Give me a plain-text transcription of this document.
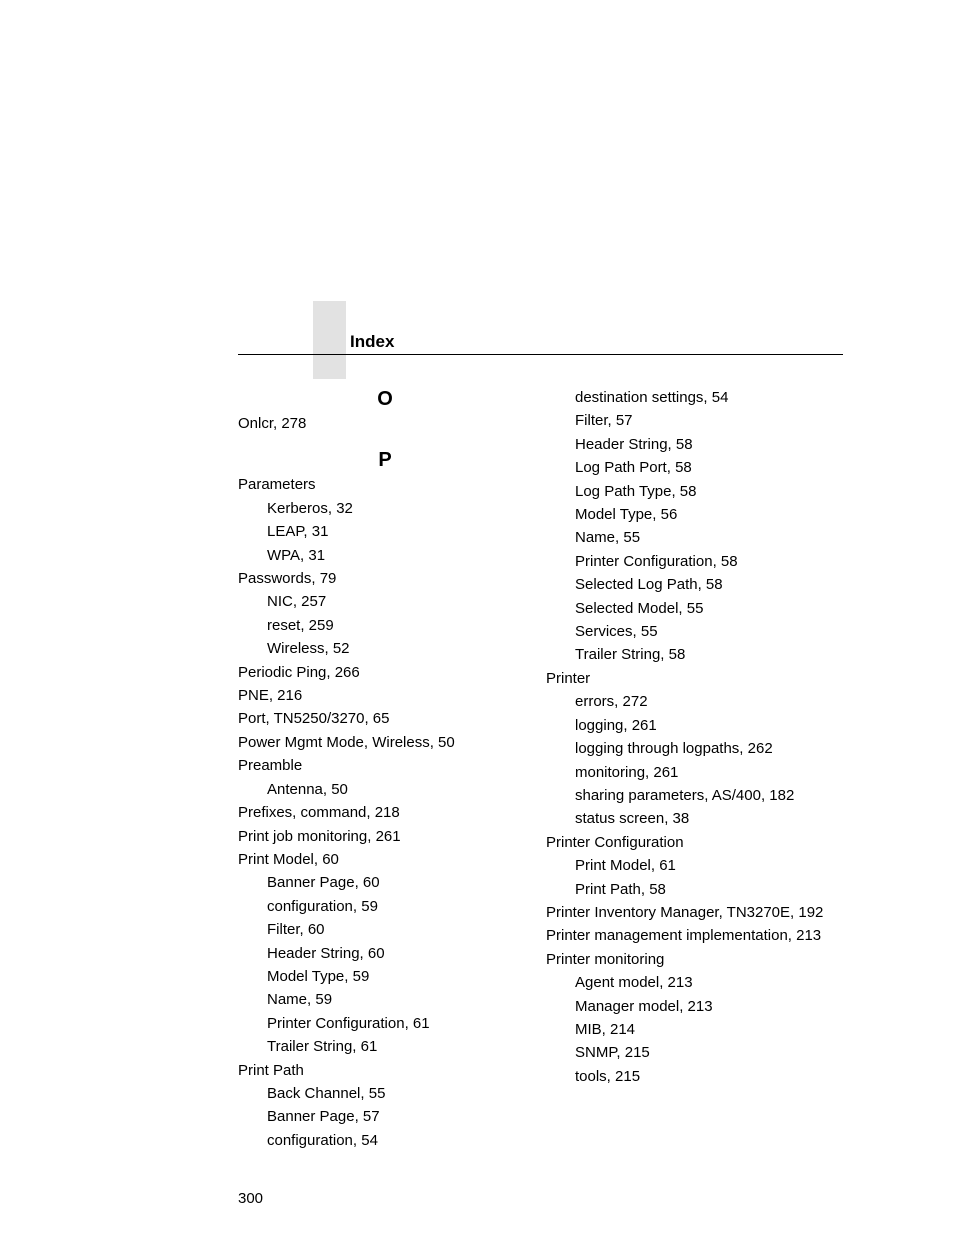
Index
O
Onlcr, 278
P
Parameters
Kerberos, 32
LEAP, 31
WPA, 31
Passwords, 79
NIC, 257
reset, 259
Wireless, 52
Periodic Ping, 266
PNE, 216
Port, TN5250/3270, 65
Power Mgmt Mode, Wireless, 50
Preamble
Antenna, 50
Prefixes, command, 218
Print job monitoring, 261
Print Model, 60
Banner Page, 60
configuration, 59
Filter, 60
Header String, 60
Model Type, 59
Name, 59
Printer Configuration, 61
Trailer String, 61
Print Path
Back Channel, 55
Banner Page, 57
configuration, 54
destination settings, 54
Filter, 57
Header String, 58
Log Path Port, 58
Log Path Type, 58
Model Type, 56
Name, 55
Printer Configuration, 58
Selected Log Path, 58
Selected Model, 55
Services, 55
Trailer String, 58
Printer
errors, 272
logging, 261
logging through logpaths, 262
monitoring, 261
sharing parameters, AS/400, 182
status screen, 38
Printer Configuration
Print Model, 61
Print Path, 58
Printer Inventory Manager, TN3270E, 192
Printer management implementation, 213
Printer monitoring
Agent model, 213
Manager model, 213
MIB, 214
SNMP, 215
tools, 215
300
